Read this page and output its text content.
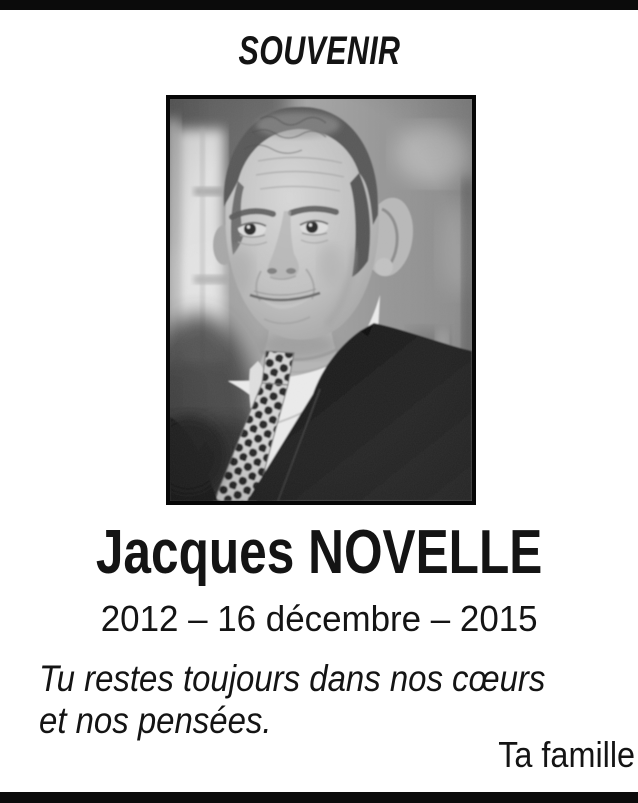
SOUVENIR
Jacques NOVELLE
2012 – 16 décembre – 2015
Tu restes toujours dans nos cœurs
et nos pensées.
Ta famille
